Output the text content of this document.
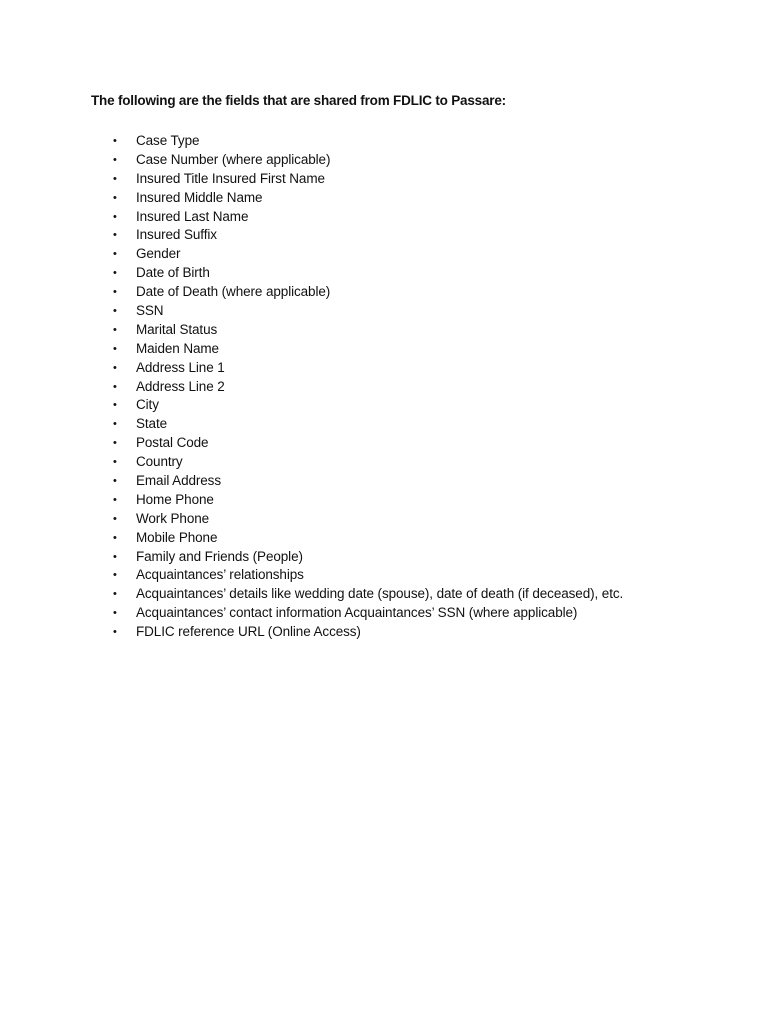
The following are the fields that are shared from FDLIC to Passare:
• Case Type
• Case Number (where applicable)
• Insured Title Insured First Name
• Insured Middle Name
• Insured Last Name
• Insured Suffix
• Gender
• Date of Birth
• Date of Death (where applicable)
• SSN
• Marital Status
• Maiden Name
• Address Line 1
• Address Line 2
• City
• State
• Postal Code
• Country
• Email Address
• Home Phone
• Work Phone
• Mobile Phone
• Family and Friends (People)
• Acquaintances’ relationships
• Acquaintances’ details like wedding date (spouse), date of death (if deceased), etc.
• Acquaintances’ contact information Acquaintances’ SSN (where applicable)
• FDLIC reference URL (Online Access)
